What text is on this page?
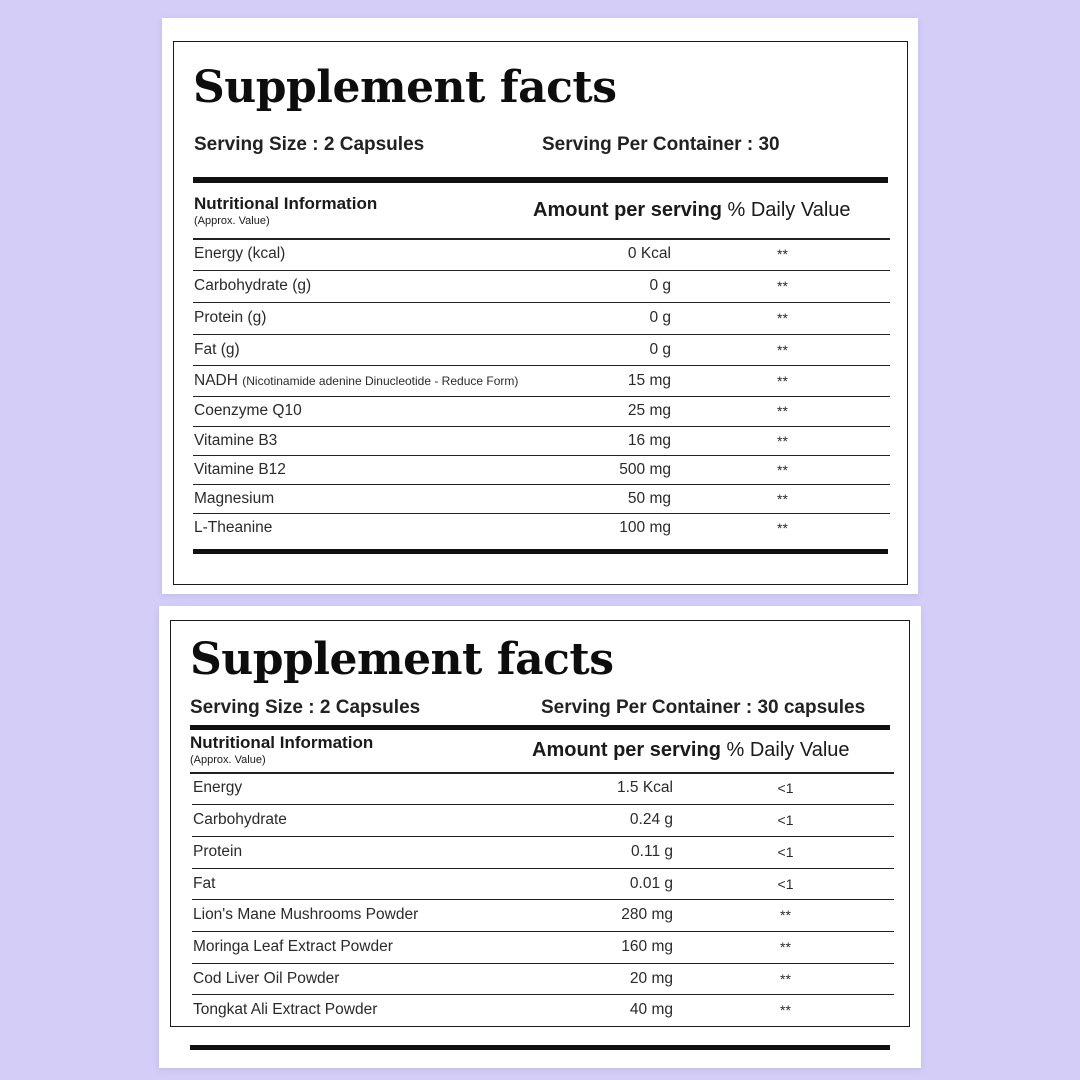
Supplement facts
Serving Size : 2 Capsules	Serving Per Container : 30
Nutritional Information
(Approx. Value)	Amount per serving % Daily Value
Energy (kcal)	0 Kcal	**
Carbohydrate (g)	0 g	**
Protein (g)	0 g	**
Fat (g)	0 g	**
NADH (Nicotinamide adenine Dinucleotide - Reduce Form)	15 mg	**
Coenzyme Q10	25 mg	**
Vitamine B3	16 mg	**
Vitamine B12	500 mg	**
Magnesium	50 mg	**
L-Theanine	100 mg	**
Supplement facts
Serving Size : 2 Capsules	Serving Per Container : 30 capsules
Nutritional Information
(Approx. Value)	Amount per serving % Daily Value
Energy	1.5 Kcal	<1
Carbohydrate	0.24 g	<1
Protein	0.11 g	<1
Fat	0.01 g	<1
Lion's Mane Mushrooms Powder	280 mg	**
Moringa Leaf Extract Powder	160 mg	**
Cod Liver Oil Powder	20 mg	**
Tongkat Ali Extract Powder	40 mg	**
